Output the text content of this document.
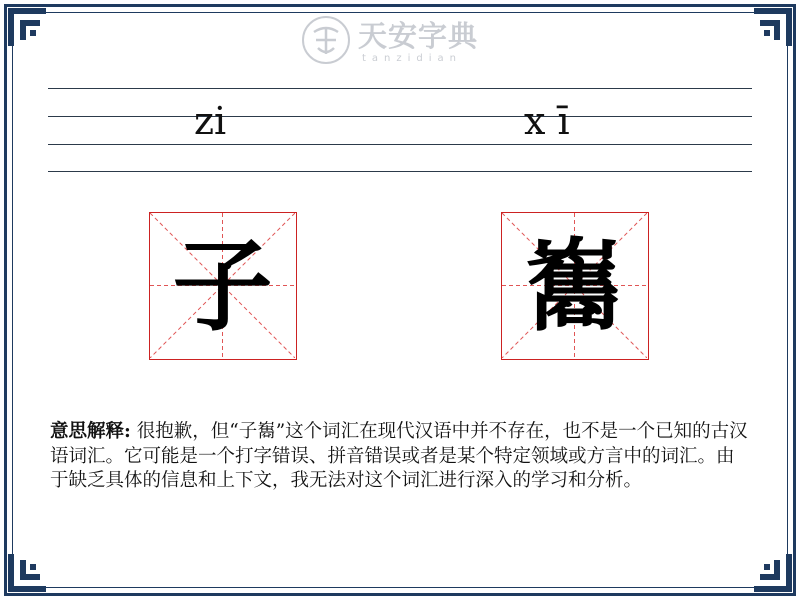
天安字典
tanzidian
zi	x ī
子	雟
意思解释: 很抱歉，但“子雟”这个词汇在现代汉语中并不存在，也不是一个已知的古汉语词汇。它可能是一个打字错误、拼音错误或者是某个特定领域或方言中的词汇。由于缺乏具体的信息和上下文，我无法对这个词汇进行深入的学习和分析。
